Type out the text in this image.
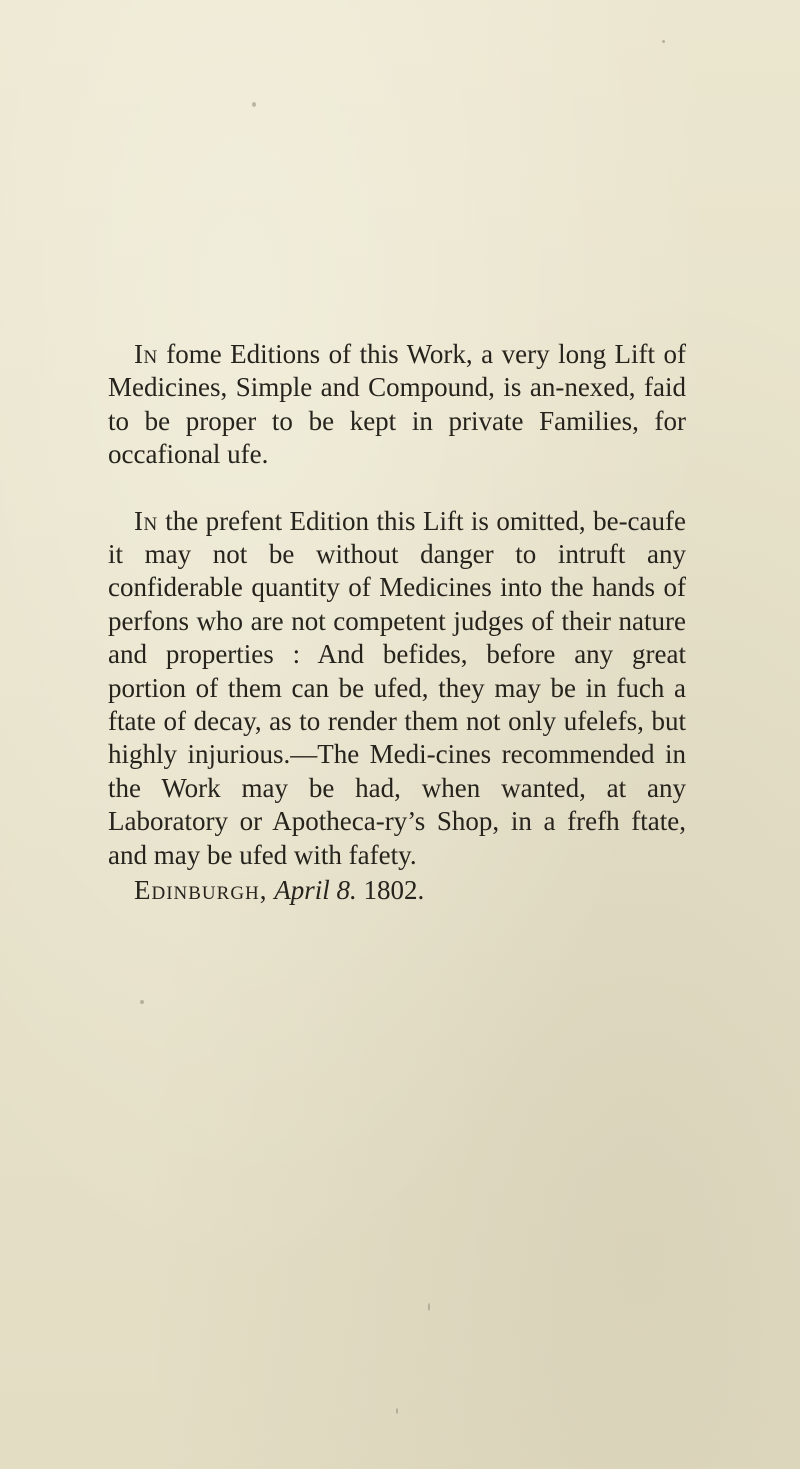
In fome Editions of this Work, a very long Lift of Medicines, Simple and Compound, is an-nexed, faid to be proper to be kept in private Families, for occafional ufe.

In the prefent Edition this Lift is omitted, be-caufe it may not be without danger to intruft any confiderable quantity of Medicines into the hands of perfons who are not competent judges of their nature and properties : And befides, before any great portion of them can be ufed, they may be in fuch a ftate of decay, as to render them not only ufelefs, but highly injurious.—The Medi-cines recommended in the Work may be had, when wanted, at any Laboratory or Apotheca-ry’s Shop, in a frefh ftate, and may be ufed with fafety.

Edinburgh, April 8. 1802.
